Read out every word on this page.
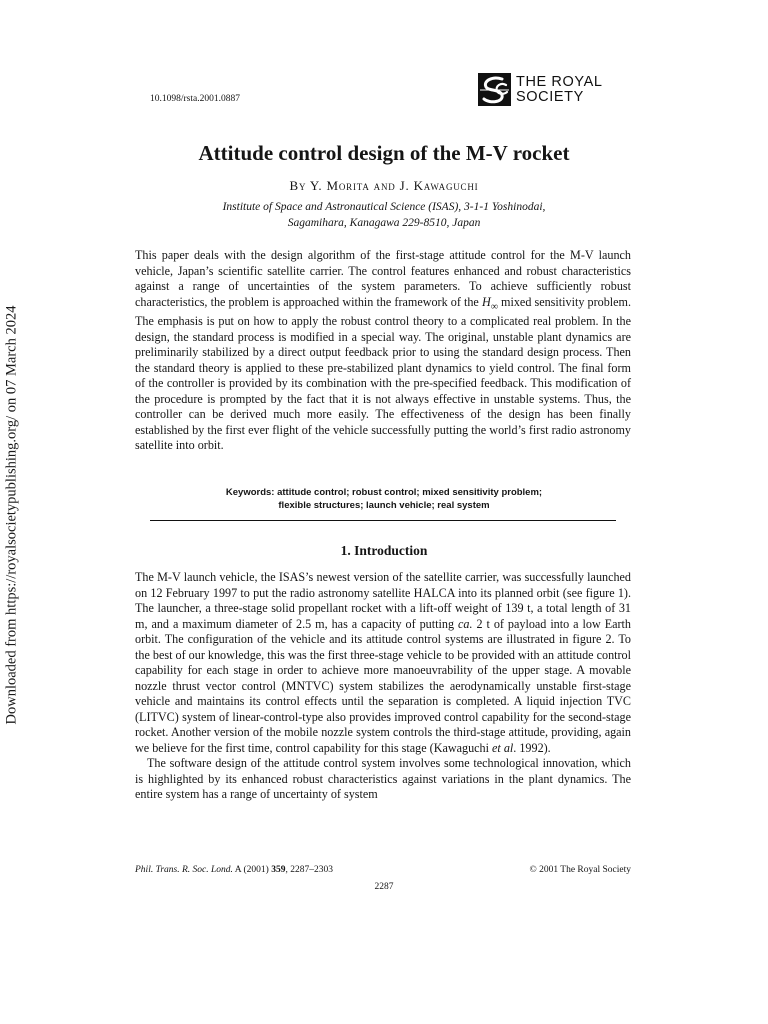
Downloaded from https://royalsocietypublishing.org/ on 07 March 2024
10.1098/rsta.2001.0887
THE ROYAL
SOCIETY
Attitude control design of the M-V rocket
By Y. Morita and J. Kawaguchi
Institute of Space and Astronautical Science (ISAS), 3-1-1 Yoshinodai,
Sagamihara, Kanagawa 229-8510, Japan

This paper deals with the design algorithm of the first-stage attitude control for the M-V launch vehicle, Japan’s scientific satellite carrier. The control features enhanced and robust characteristics against a range of uncertainties of the system parameters. To achieve sufficiently robust characteristics, the problem is approached within the framework of the $H_\infty$ mixed sensitivity problem. The emphasis is put on how to apply the robust control theory to a complicated real problem. In the design, the standard process is modified in a special way. The original, unstable plant dynamics are preliminarily stabilized by a direct output feedback prior to using the standard design process. Then the standard theory is applied to these pre-stabilized plant dynamics to yield control. The final form of the controller is provided by its combination with the pre-specified feedback. This modification of the procedure is prompted by the fact that it is not always effective in unstable systems. Thus, the controller can be derived much more easily. The effectiveness of the design has been finally established by the first ever flight of the vehicle successfully putting the world’s first radio astronomy satellite into orbit.

Keywords: attitude control; robust control; mixed sensitivity problem;
flexible structures; launch vehicle; real system
1. Introduction

The M-V launch vehicle, the ISAS’s newest version of the satellite carrier, was successfully launched on 12 February 1997 to put the radio astronomy satellite HALCA into its planned orbit (see figure 1). The launcher, a three-stage solid propellant rocket with a lift-off weight of 139 t, a total length of 31 m, and a maximum diameter of 2.5 m, has a capacity of putting ca. 2 t of payload into a low Earth orbit. The configuration of the vehicle and its attitude control systems are illustrated in figure 2. To the best of our knowledge, this was the first three-stage vehicle to be provided with an attitude control capability for each stage in order to achieve more manoeuvrability of the upper stage. A movable nozzle thrust vector control (MNTVC) system stabilizes the aerodynamically unstable first-stage vehicle and maintains its control effects until the separation is completed. A liquid injection TVC (LITVC) system of linear-control-type also provides improved control capability for the second-stage rocket. Another version of the mobile nozzle system controls the third-stage attitude, providing, again we believe for the first time, control capability for this stage (Kawaguchi et al. 1992).

The software design of the attitude control system involves some technological innovation, which is highlighted by its enhanced robust characteristics against variations in the plant dynamics. The entire system has a range of uncertainty of system

Phil. Trans. R. Soc. Lond. A (2001) 359, 2287–2303	© 2001 The Royal Society
2287
